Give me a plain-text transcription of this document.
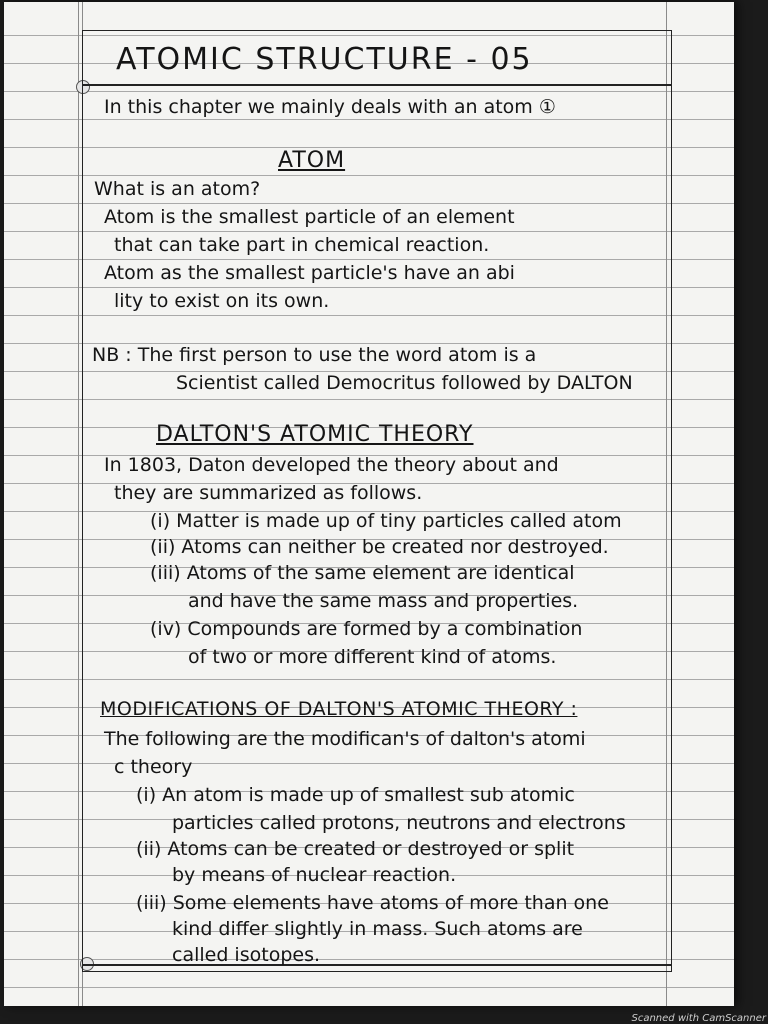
ATOMIC STRUCTURE - 05
In this chapter we mainly deals with an atom ①
ATOM
What is an atom?
Atom is the smallest particle of an element
that can take part in chemical reaction.
Atom as the smallest particle's have an abi
lity to exist on its own.
NB : The first person to use the word atom is a
Scientist called Democritus followed by DALTON
DALTON'S ATOMIC THEORY
In 1803, Daton developed the theory about and
they are summarized as follows.
(i) Matter is made up of tiny particles called atom
(ii) Atoms can neither be created nor destroyed.
(iii) Atoms of the same element are identical
and have the same mass and properties.
(iv) Compounds are formed by a combination
of two or more different kind of atoms.
MODIFICATIONS OF DALTON'S ATOMIC THEORY :
The following are the modifican's of dalton's atomi
c theory
(i) An atom is made up of smallest sub atomic
particles called protons, neutrons and electrons
(ii) Atoms can be created or destroyed or split
by means of nuclear reaction.
(iii) Some elements have atoms of more than one
kind differ slightly in mass. Such atoms are
called isotopes.
Scanned with CamScanner
